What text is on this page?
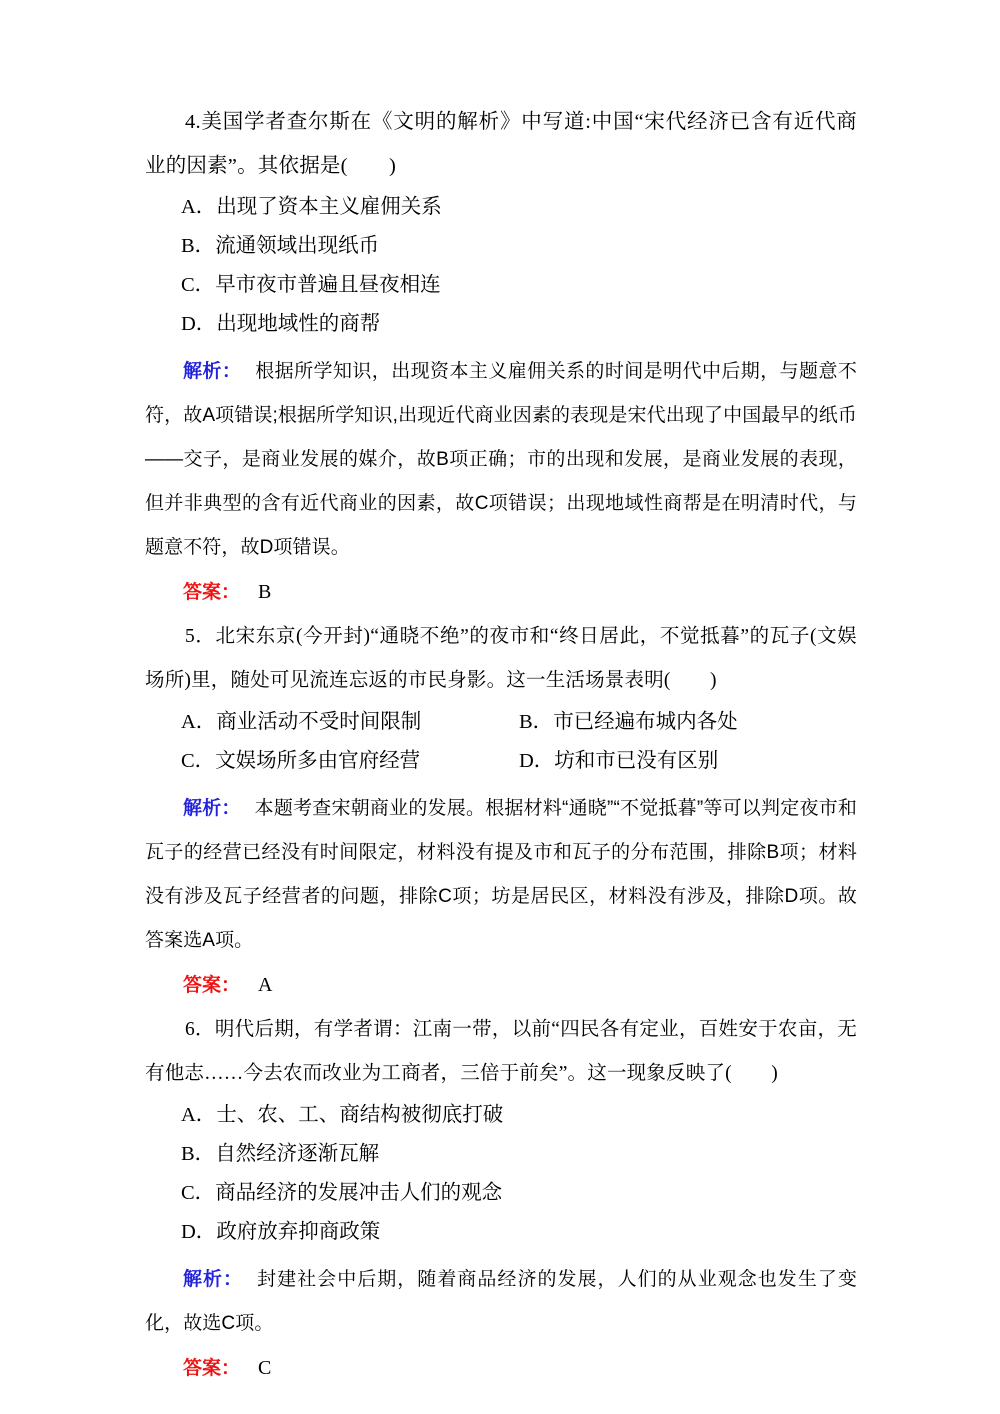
4.美国学者查尔斯在《文明的解析》中写道:中国“宋代经济已含有近代商业的因素”。其依据是(　　)

A．出现了资本主义雇佣关系
B．流通领域出现纸币
C．早市夜市普遍且昼夜相连
D．出现地域性的商帮

解析： 根据所学知识，出现资本主义雇佣关系的时间是明代中后期，与题意不符，故A项错误;根据所学知识,出现近代商业因素的表现是宋代出现了中国最早的纸币——交子，是商业发展的媒介，故B项正确；市的出现和发展，是商业发展的表现，但并非典型的含有近代商业的因素，故C项错误；出现地域性商帮是在明清时代，与题意不符，故D项错误。

答案： B

5．北宋东京(今开封)“通晓不绝”的夜市和“终日居此，不觉抵暮”的瓦子(文娱场所)里，随处可见流连忘返的市民身影。这一生活场景表明(　　)

A．商业活动不受时间限制	B．市已经遍布城内各处
C．文娱场所多由官府经营	D．坊和市已没有区别

解析： 本题考查宋朝商业的发展。根据材料“通晓”“不觉抵暮”等可以判定夜市和瓦子的经营已经没有时间限定，材料没有提及市和瓦子的分布范围，排除B项；材料没有涉及瓦子经营者的问题，排除C项；坊是居民区，材料没有涉及，排除D项。故答案选A项。

答案： A

6．明代后期，有学者谓：江南一带，以前“四民各有定业，百姓安于农亩，无有他志……今去农而改业为工商者，三倍于前矣”。这一现象反映了(　　)

A．士、农、工、商结构被彻底打破
B．自然经济逐渐瓦解
C．商品经济的发展冲击人们的观念
D．政府放弃抑商政策

解析： 封建社会中后期，随着商品经济的发展，人们的从业观念也发生了变化，故选C项。

答案： C
